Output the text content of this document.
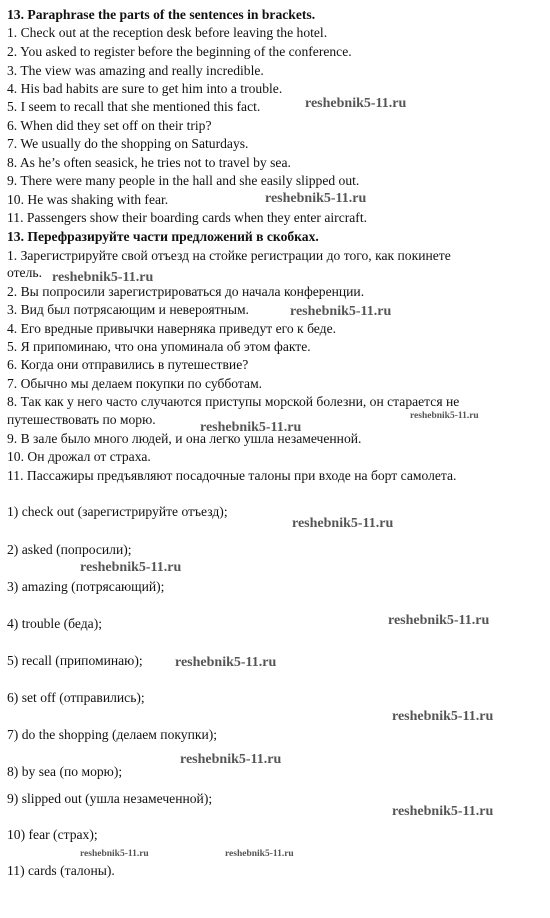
13. Paraphrase the parts of the sentences in brackets.
1. Check out at the reception desk before leaving the hotel.
2. You asked to register before the beginning of the conference.
3. The view was amazing and really incredible.
4. His bad habits are sure to get him into a trouble.
5. I seem to recall that she mentioned this fact.
6. When did they set off on their trip?
7. We usually do the shopping on Saturdays.
8. As he’s often seasick, he tries not to travel by sea.
9. There were many people in the hall and she easily slipped out.
10. He was shaking with fear.
11. Passengers show their boarding cards when they enter aircraft.
13. Перефразируйте части предложений в скобках.
1. Зарегистрируйте свой отъезд на стойке регистрации до того, как покинете
отель.
2. Вы попросили зарегистрироваться до начала конференции.
3. Вид был потрясающим и невероятным.
4. Его вредные привычки наверняка приведут его к беде.
5. Я припоминаю, что она упоминала об этом факте.
6. Когда они отправились в путешествие?
7. Обычно мы делаем покупки по субботам.
8. Так как у него часто случаются приступы морской болезни, он старается не
путешествовать по морю.
9. В зале было много людей, и она легко ушла незамеченной.
10. Он дрожал от страха.
11. Пассажиры предъявляют посадочные талоны при входе на борт самолета.
1) check out (зарегистрируйте отъезд);
2) asked (попросили);
3) amazing (потрясающий);
4) trouble (беда);
5) recall (припоминаю);
6) set off (отправились);
7) do the shopping (делаем покупки);
8) by sea (по морю);
9) slipped out (ушла незамеченной);
10) fear (страх);
11) cards (талоны).
reshebnik5-11.ru
reshebnik5-11.ru
reshebnik5-11.ru
reshebnik5-11.ru
reshebnik5-11.ru
reshebnik5-11.ru
reshebnik5-11.ru
reshebnik5-11.ru
reshebnik5-11.ru
reshebnik5-11.ru
reshebnik5-11.ru
reshebnik5-11.ru
reshebnik5-11.ru
reshebnik5-11.ru	reshebnik5-11.ru
